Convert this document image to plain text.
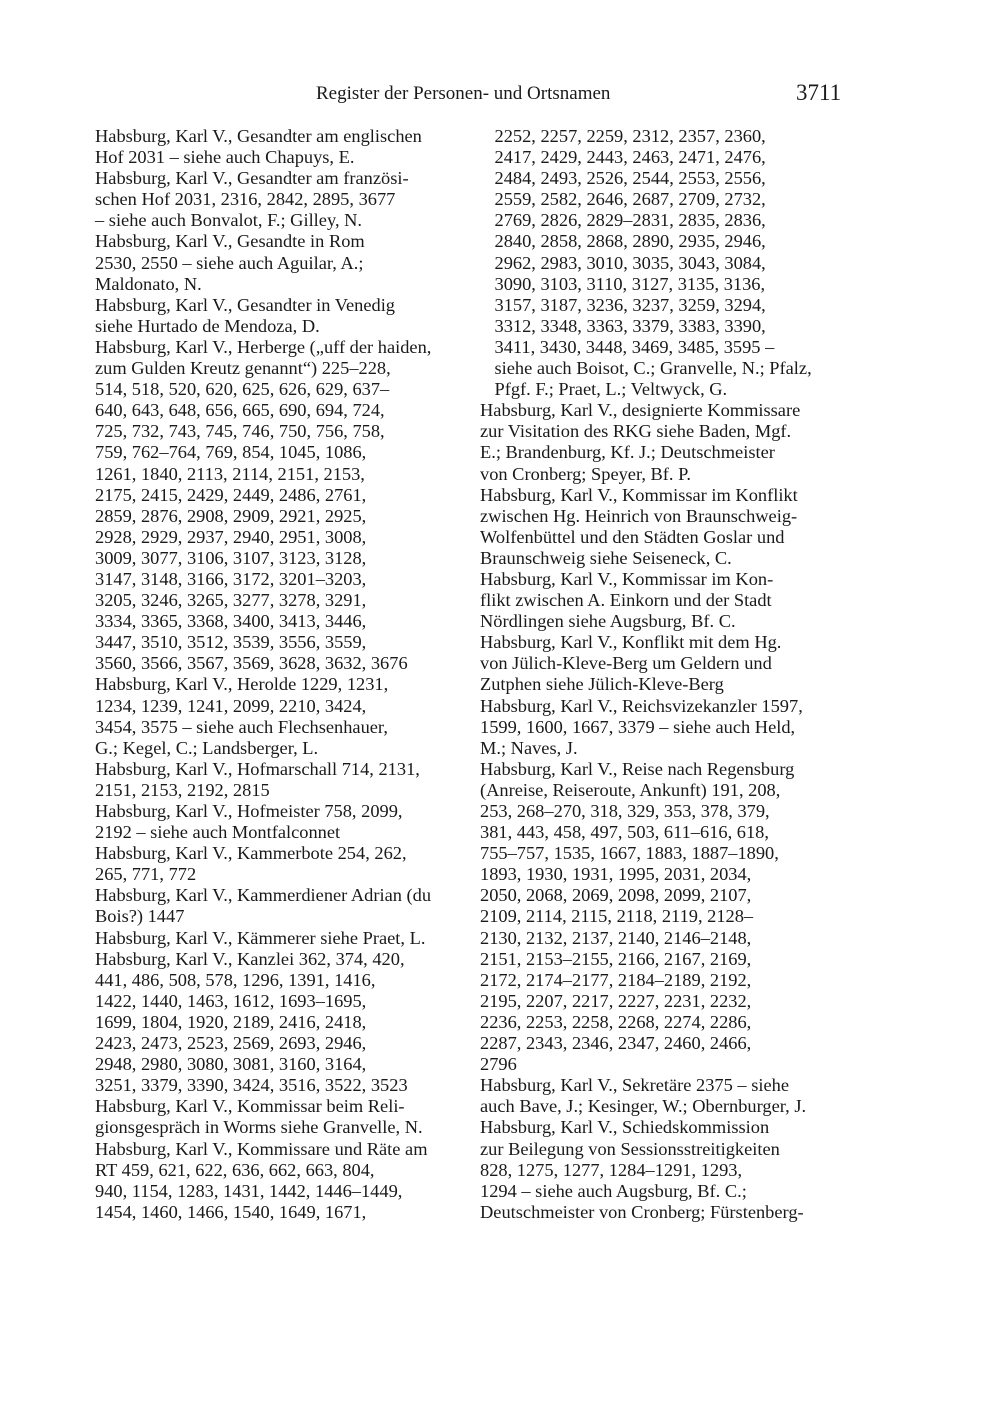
Register der Personen- und Ortsnamen	3711
Habsburg, Karl V., Gesandter am englischen
Hof 2031 – siehe auch Chapuys, E.
Habsburg, Karl V., Gesandter am französi-
schen Hof 2031, 2316, 2842, 2895, 3677
– siehe auch Bonvalot, F.; Gilley, N.
Habsburg, Karl V., Gesandte in Rom
2530, 2550 – siehe auch Aguilar, A.;
Maldonato, N.
Habsburg, Karl V., Gesandter in Venedig
siehe Hurtado de Mendoza, D.
Habsburg, Karl V., Herberge („uff der haiden,
zum Gulden Kreutz genannt“) 225–228,
514, 518, 520, 620, 625, 626, 629, 637–
640, 643, 648, 656, 665, 690, 694, 724,
725, 732, 743, 745, 746, 750, 756, 758,
759, 762–764, 769, 854, 1045, 1086,
1261, 1840, 2113, 2114, 2151, 2153,
2175, 2415, 2429, 2449, 2486, 2761,
2859, 2876, 2908, 2909, 2921, 2925,
2928, 2929, 2937, 2940, 2951, 3008,
3009, 3077, 3106, 3107, 3123, 3128,
3147, 3148, 3166, 3172, 3201–3203,
3205, 3246, 3265, 3277, 3278, 3291,
3334, 3365, 3368, 3400, 3413, 3446,
3447, 3510, 3512, 3539, 3556, 3559,
3560, 3566, 3567, 3569, 3628, 3632, 3676
Habsburg, Karl V., Herolde 1229, 1231,
1234, 1239, 1241, 2099, 2210, 3424,
3454, 3575 – siehe auch Flechsenhauer,
G.; Kegel, C.; Landsberger, L.
Habsburg, Karl V., Hofmarschall 714, 2131,
2151, 2153, 2192, 2815
Habsburg, Karl V., Hofmeister 758, 2099,
2192 – siehe auch Montfalconnet
Habsburg, Karl V., Kammerbote 254, 262,
265, 771, 772
Habsburg, Karl V., Kammerdiener Adrian (du
Bois?) 1447
Habsburg, Karl V., Kämmerer siehe Praet, L.
Habsburg, Karl V., Kanzlei 362, 374, 420,
441, 486, 508, 578, 1296, 1391, 1416,
1422, 1440, 1463, 1612, 1693–1695,
1699, 1804, 1920, 2189, 2416, 2418,
2423, 2473, 2523, 2569, 2693, 2946,
2948, 2980, 3080, 3081, 3160, 3164,
3251, 3379, 3390, 3424, 3516, 3522, 3523
Habsburg, Karl V., Kommissar beim Reli-
gionsgespräch in Worms siehe Granvelle, N.
Habsburg, Karl V., Kommissare und Räte am
RT 459, 621, 622, 636, 662, 663, 804,
940, 1154, 1283, 1431, 1442, 1446–1449,
1454, 1460, 1466, 1540, 1649, 1671,
2252, 2257, 2259, 2312, 2357, 2360,
2417, 2429, 2443, 2463, 2471, 2476,
2484, 2493, 2526, 2544, 2553, 2556,
2559, 2582, 2646, 2687, 2709, 2732,
2769, 2826, 2829–2831, 2835, 2836,
2840, 2858, 2868, 2890, 2935, 2946,
2962, 2983, 3010, 3035, 3043, 3084,
3090, 3103, 3110, 3127, 3135, 3136,
3157, 3187, 3236, 3237, 3259, 3294,
3312, 3348, 3363, 3379, 3383, 3390,
3411, 3430, 3448, 3469, 3485, 3595 –
siehe auch Boisot, C.; Granvelle, N.; Pfalz,
Pfgf. F.; Praet, L.; Veltwyck, G.
Habsburg, Karl V., designierte Kommissare
zur Visitation des RKG siehe Baden, Mgf.
E.; Brandenburg, Kf. J.; Deutschmeister
von Cronberg; Speyer, Bf. P.
Habsburg, Karl V., Kommissar im Konflikt
zwischen Hg. Heinrich von Braunschweig-
Wolfenbüttel und den Städten Goslar und
Braunschweig siehe Seiseneck, C.
Habsburg, Karl V., Kommissar im Kon-
flikt zwischen A. Einkorn und der Stadt
Nördlingen siehe Augsburg, Bf. C.
Habsburg, Karl V., Konflikt mit dem Hg.
von Jülich-Kleve-Berg um Geldern und
Zutphen siehe Jülich-Kleve-Berg
Habsburg, Karl V., Reichsvizekanzler 1597,
1599, 1600, 1667, 3379 – siehe auch Held,
M.; Naves, J.
Habsburg, Karl V., Reise nach Regensburg
(Anreise, Reiseroute, Ankunft) 191, 208,
253, 268–270, 318, 329, 353, 378, 379,
381, 443, 458, 497, 503, 611–616, 618,
755–757, 1535, 1667, 1883, 1887–1890,
1893, 1930, 1931, 1995, 2031, 2034,
2050, 2068, 2069, 2098, 2099, 2107,
2109, 2114, 2115, 2118, 2119, 2128–
2130, 2132, 2137, 2140, 2146–2148,
2151, 2153–2155, 2166, 2167, 2169,
2172, 2174–2177, 2184–2189, 2192,
2195, 2207, 2217, 2227, 2231, 2232,
2236, 2253, 2258, 2268, 2274, 2286,
2287, 2343, 2346, 2347, 2460, 2466,
2796
Habsburg, Karl V., Sekretäre 2375 – siehe
auch Bave, J.; Kesinger, W.; Obernburger, J.
Habsburg, Karl V., Schiedskommission
zur Beilegung von Sessionsstreitigkeiten
828, 1275, 1277, 1284–1291, 1293,
1294 – siehe auch Augsburg, Bf. C.;
Deutschmeister von Cronberg; Fürstenberg-
